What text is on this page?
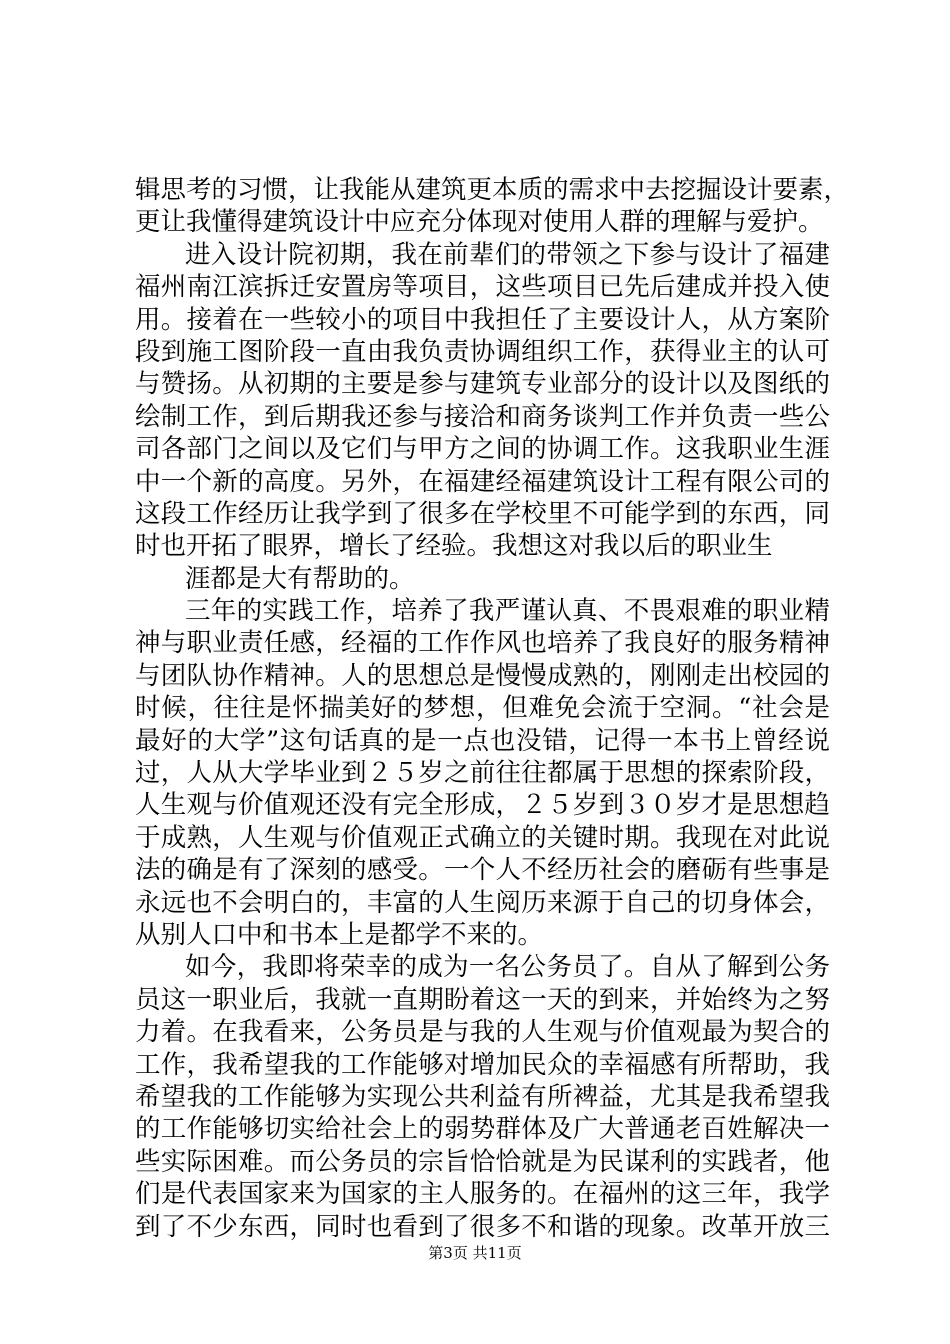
辑思考的习惯，让我能从建筑更本质的需求中去挖掘设计要素，
更让我懂得建筑设计中应充分体现对使用人群的理解与爱护。
进入设计院初期，我在前辈们的带领之下参与设计了福建
福州南江滨拆迁安置房等项目，这些项目已先后建成并投入使
用。接着在一些较小的项目中我担任了主要设计人，从方案阶
段到施工图阶段一直由我负责协调组织工作，获得业主的认可
与赞扬。从初期的主要是参与建筑专业部分的设计以及图纸的
绘制工作，到后期我还参与接洽和商务谈判工作并负责一些公
司各部门之间以及它们与甲方之间的协调工作。这我职业生涯
中一个新的高度。另外，在福建经福建筑设计工程有限公司的
这段工作经历让我学到了很多在学校里不可能学到的东西，同
时也开拓了眼界，增长了经验。我想这对我以后的职业生
涯都是大有帮助的。
三年的实践工作，培养了我严谨认真、不畏艰难的职业精
神与职业责任感，经福的工作作风也培养了我良好的服务精神
与团队协作精神。人的思想总是慢慢成熟的，刚刚走出校园的
时候，往往是怀揣美好的梦想，但难免会流于空洞。“社会是
最好的大学”这句话真的是一点也没错，记得一本书上曾经说
过，人从大学毕业到２５岁之前往往都属于思想的探索阶段，
人生观与价值观还没有完全形成，２５岁到３０岁才是思想趋
于成熟，人生观与价值观正式确立的关键时期。我现在对此说
法的确是有了深刻的感受。一个人不经历社会的磨砺有些事是
永远也不会明白的，丰富的人生阅历来源于自己的切身体会，
从别人口中和书本上是都学不来的。
如今，我即将荣幸的成为一名公务员了。自从了解到公务
员这一职业后，我就一直期盼着这一天的到来，并始终为之努
力着。在我看来，公务员是与我的人生观与价值观最为契合的
工作，我希望我的工作能够对增加民众的幸福感有所帮助，我
希望我的工作能够为实现公共利益有所裨益，尤其是我希望我
的工作能够切实给社会上的弱势群体及广大普通老百姓解决一
些实际困难。而公务员的宗旨恰恰就是为民谋利的实践者，他
们是代表国家来为国家的主人服务的。在福州的这三年，我学
到了不少东西，同时也看到了很多不和谐的现象。改革开放三
第3页 共11页
